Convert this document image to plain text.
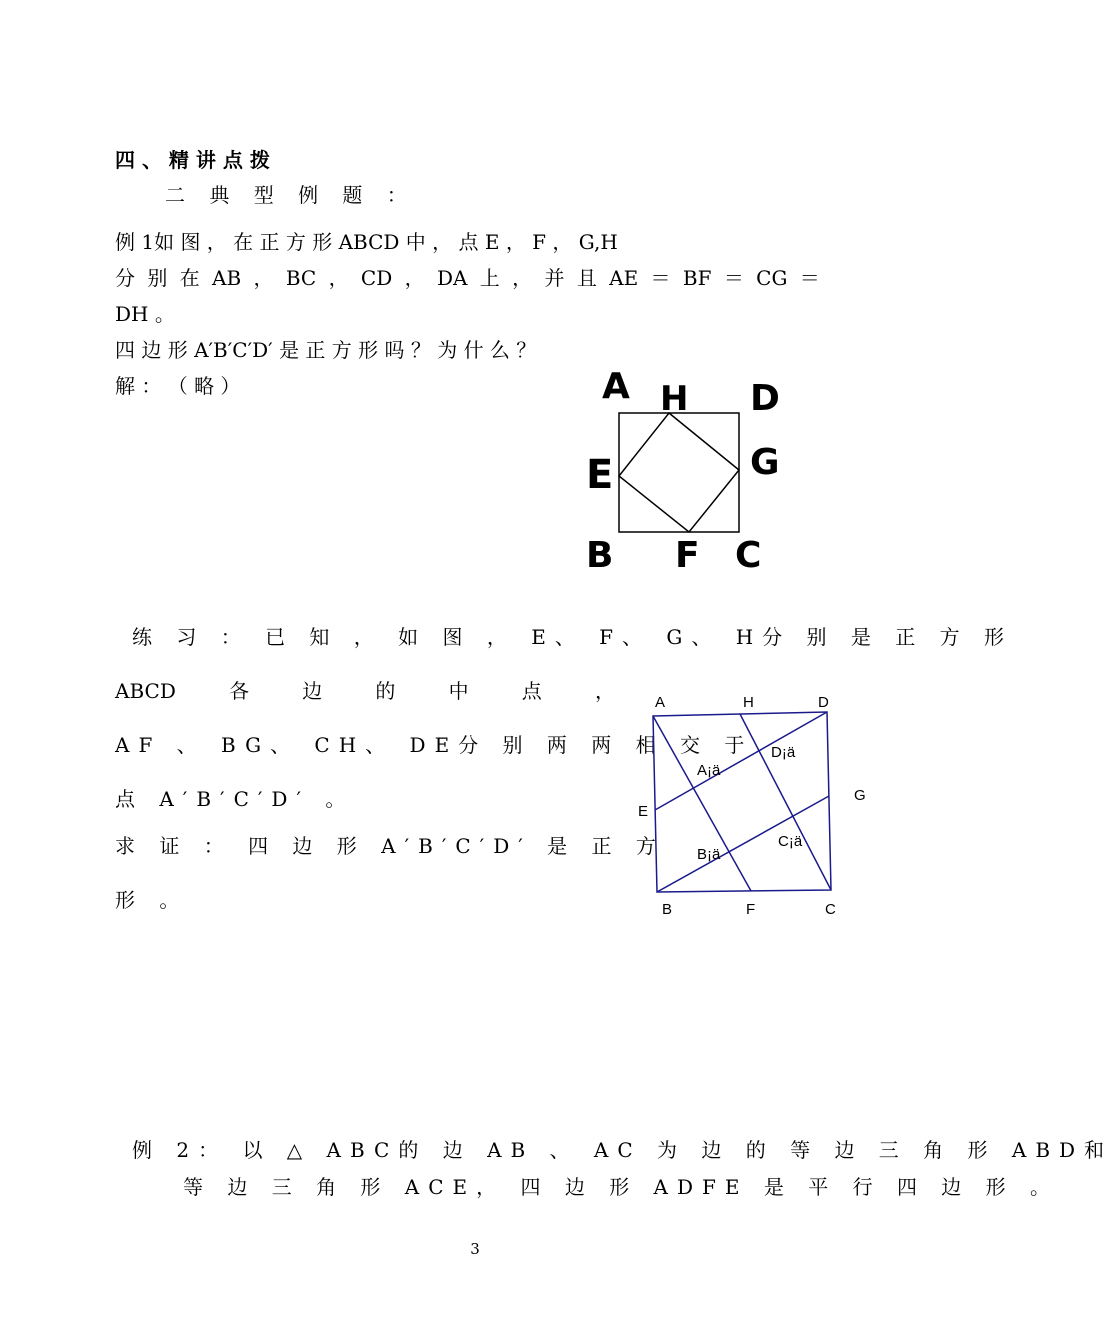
四 、 精 讲 点 拨
二 典 型 例 题 ：
例 1如 图 ， 在 正 方 形 ABCD 中 ， 点 E ， F ， G,H
分 别 在 AB ， BC ， CD ， DA 上 ， 并 且 AE ＝ BF ＝ CG ＝
DH 。
四 边 形 A′B′C′D′ 是 正 方 形 吗 ？ 为 什 么 ？
解 ： （ 略 ）	A H D
E	G
B F C
练 习 ： 已 知 ， 如 图 ， E、 F、 G、 H分 别 是 正 方 形
ABCD	各	边	的	中	点	，
AF 、 BG、 CH、 DE分 别 两 两 相 交 于
点 A′B′C′D′ 。
求 证 ： 四 边 形 A′B′C′D′ 是 正 方
形 。
A	H	D
G
E
B	F	C
A¡ä
D¡ä
C¡ä
B¡ä
例 2： 以 △ ABC的 边 AB 、 AC 为 边 的 等 边 三 角 形 ABD和
等 边 三 角 形 ACE， 四 边 形 ADFE 是 平 行 四 边 形 。
3
